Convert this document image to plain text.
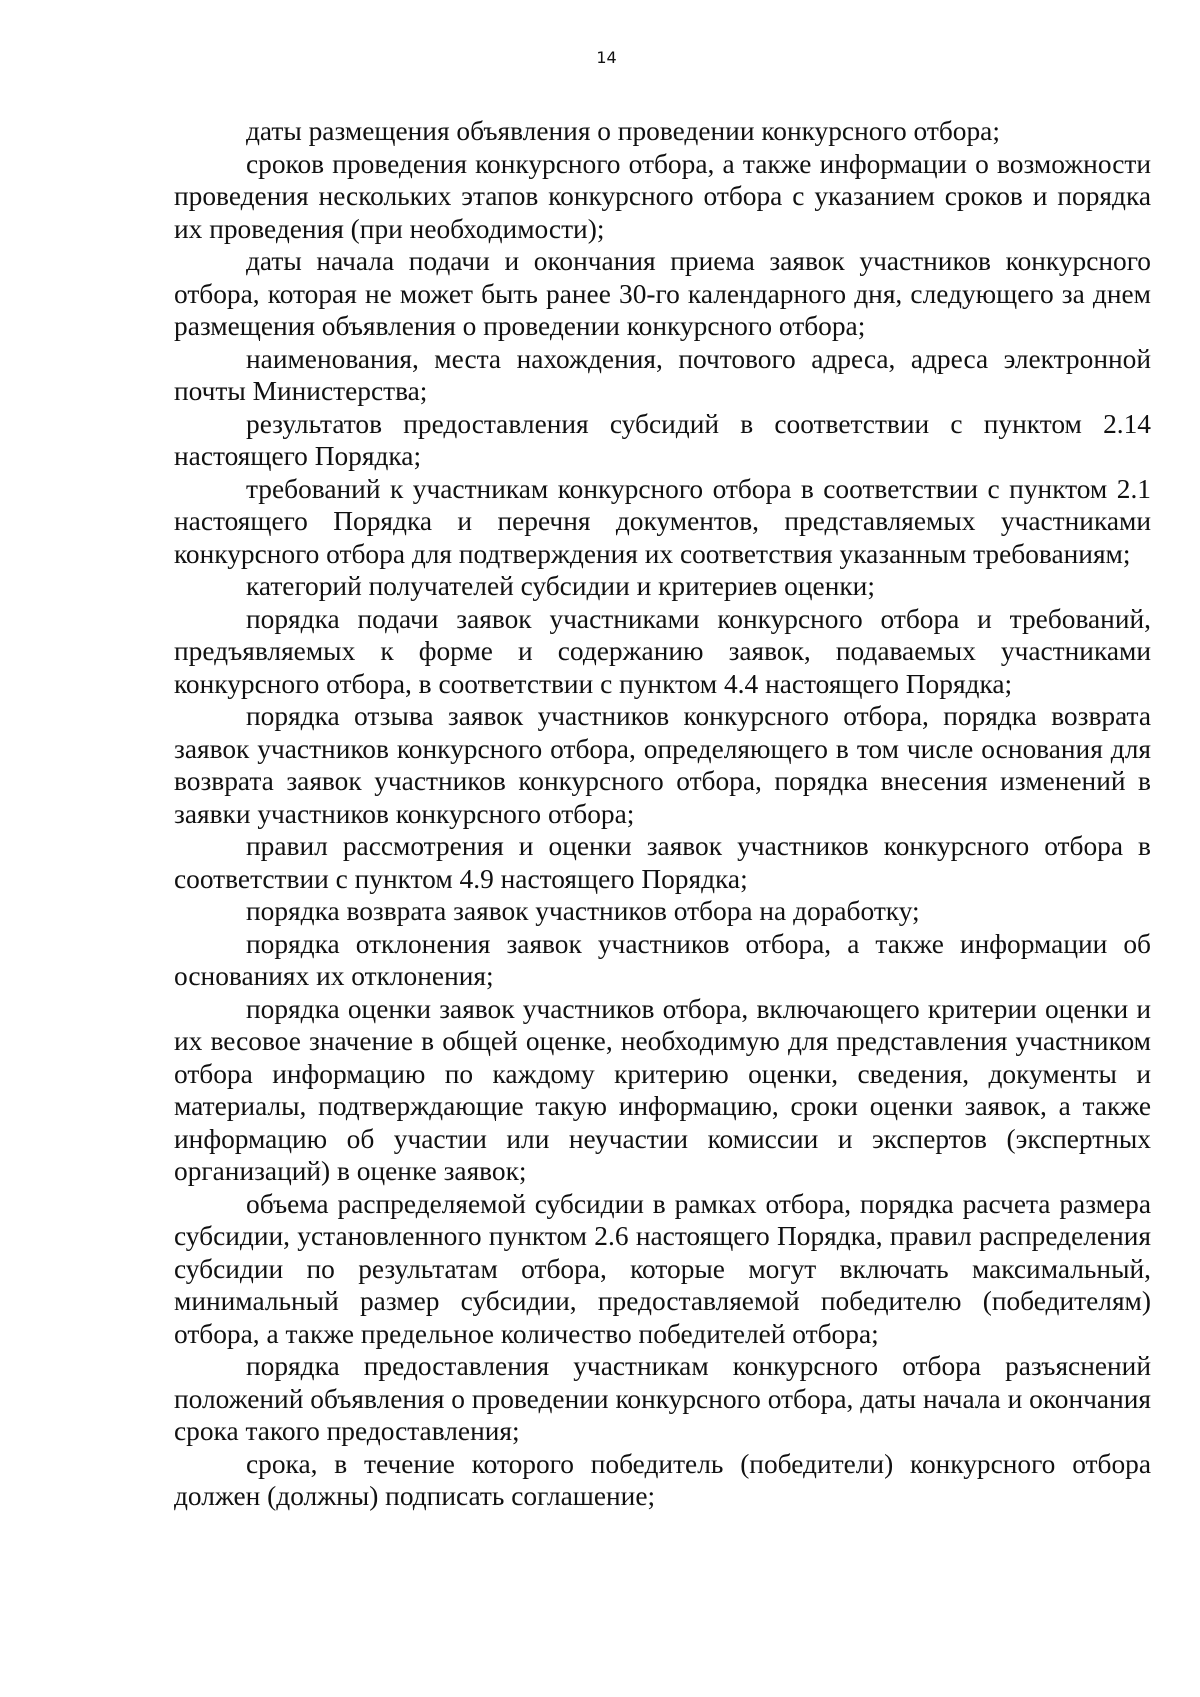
14

даты размещения объявления о проведении конкурсного отбора;

сроков проведения конкурсного отбора, а также информации о возможности проведения нескольких этапов конкурсного отбора с указанием сроков и порядка их проведения (при необходимости);

даты начала подачи и окончания приема заявок участников конкурсного отбора, которая не может быть ранее 30-го календарного дня, следующего за днем размещения объявления о проведении конкурсного отбора;

наименования, места нахождения, почтового адреса, адреса электронной почты Министерства;

результатов предоставления субсидий в соответствии с пунктом 2.14 настоящего Порядка;

требований к участникам конкурсного отбора в соответствии с пунктом 2.1 настоящего Порядка и перечня документов, представляемых участниками конкурсного отбора для подтверждения их соответствия указанным требованиям;

категорий получателей субсидии и критериев оценки;

порядка подачи заявок участниками конкурсного отбора и требований, предъявляемых к форме и содержанию заявок, подаваемых участниками конкурсного отбора, в соответствии с пунктом 4.4 настоящего Порядка;

порядка отзыва заявок участников конкурсного отбора, порядка возврата заявок участников конкурсного отбора, определяющего в том числе основания для возврата заявок участников конкурсного отбора, порядка внесения изменений в заявки участников конкурсного отбора;

правил рассмотрения и оценки заявок участников конкурсного отбора в соответствии с пунктом 4.9 настоящего Порядка;

порядка возврата заявок участников отбора на доработку;

порядка отклонения заявок участников отбора, а также информации об основаниях их отклонения;

порядка оценки заявок участников отбора, включающего критерии оценки и их весовое значение в общей оценке, необходимую для представления участником отбора информацию по каждому критерию оценки, сведения, документы и материалы, подтверждающие такую информацию, сроки оценки заявок, а также информацию об участии или неучастии комиссии и экспертов (экспертных организаций) в оценке заявок;

объема распределяемой субсидии в рамках отбора, порядка расчета размера субсидии, установленного пунктом 2.6 настоящего Порядка, правил распределения субсидии по результатам отбора, которые могут включать максимальный, минимальный размер субсидии, предоставляемой победителю (победителям) отбора, а также предельное количество победителей отбора;

порядка предоставления участникам конкурсного отбора разъяснений положений объявления о проведении конкурсного отбора, даты начала и окончания срока такого предоставления;

срока, в течение которого победитель (победители) конкурсного отбора должен (должны) подписать соглашение;
